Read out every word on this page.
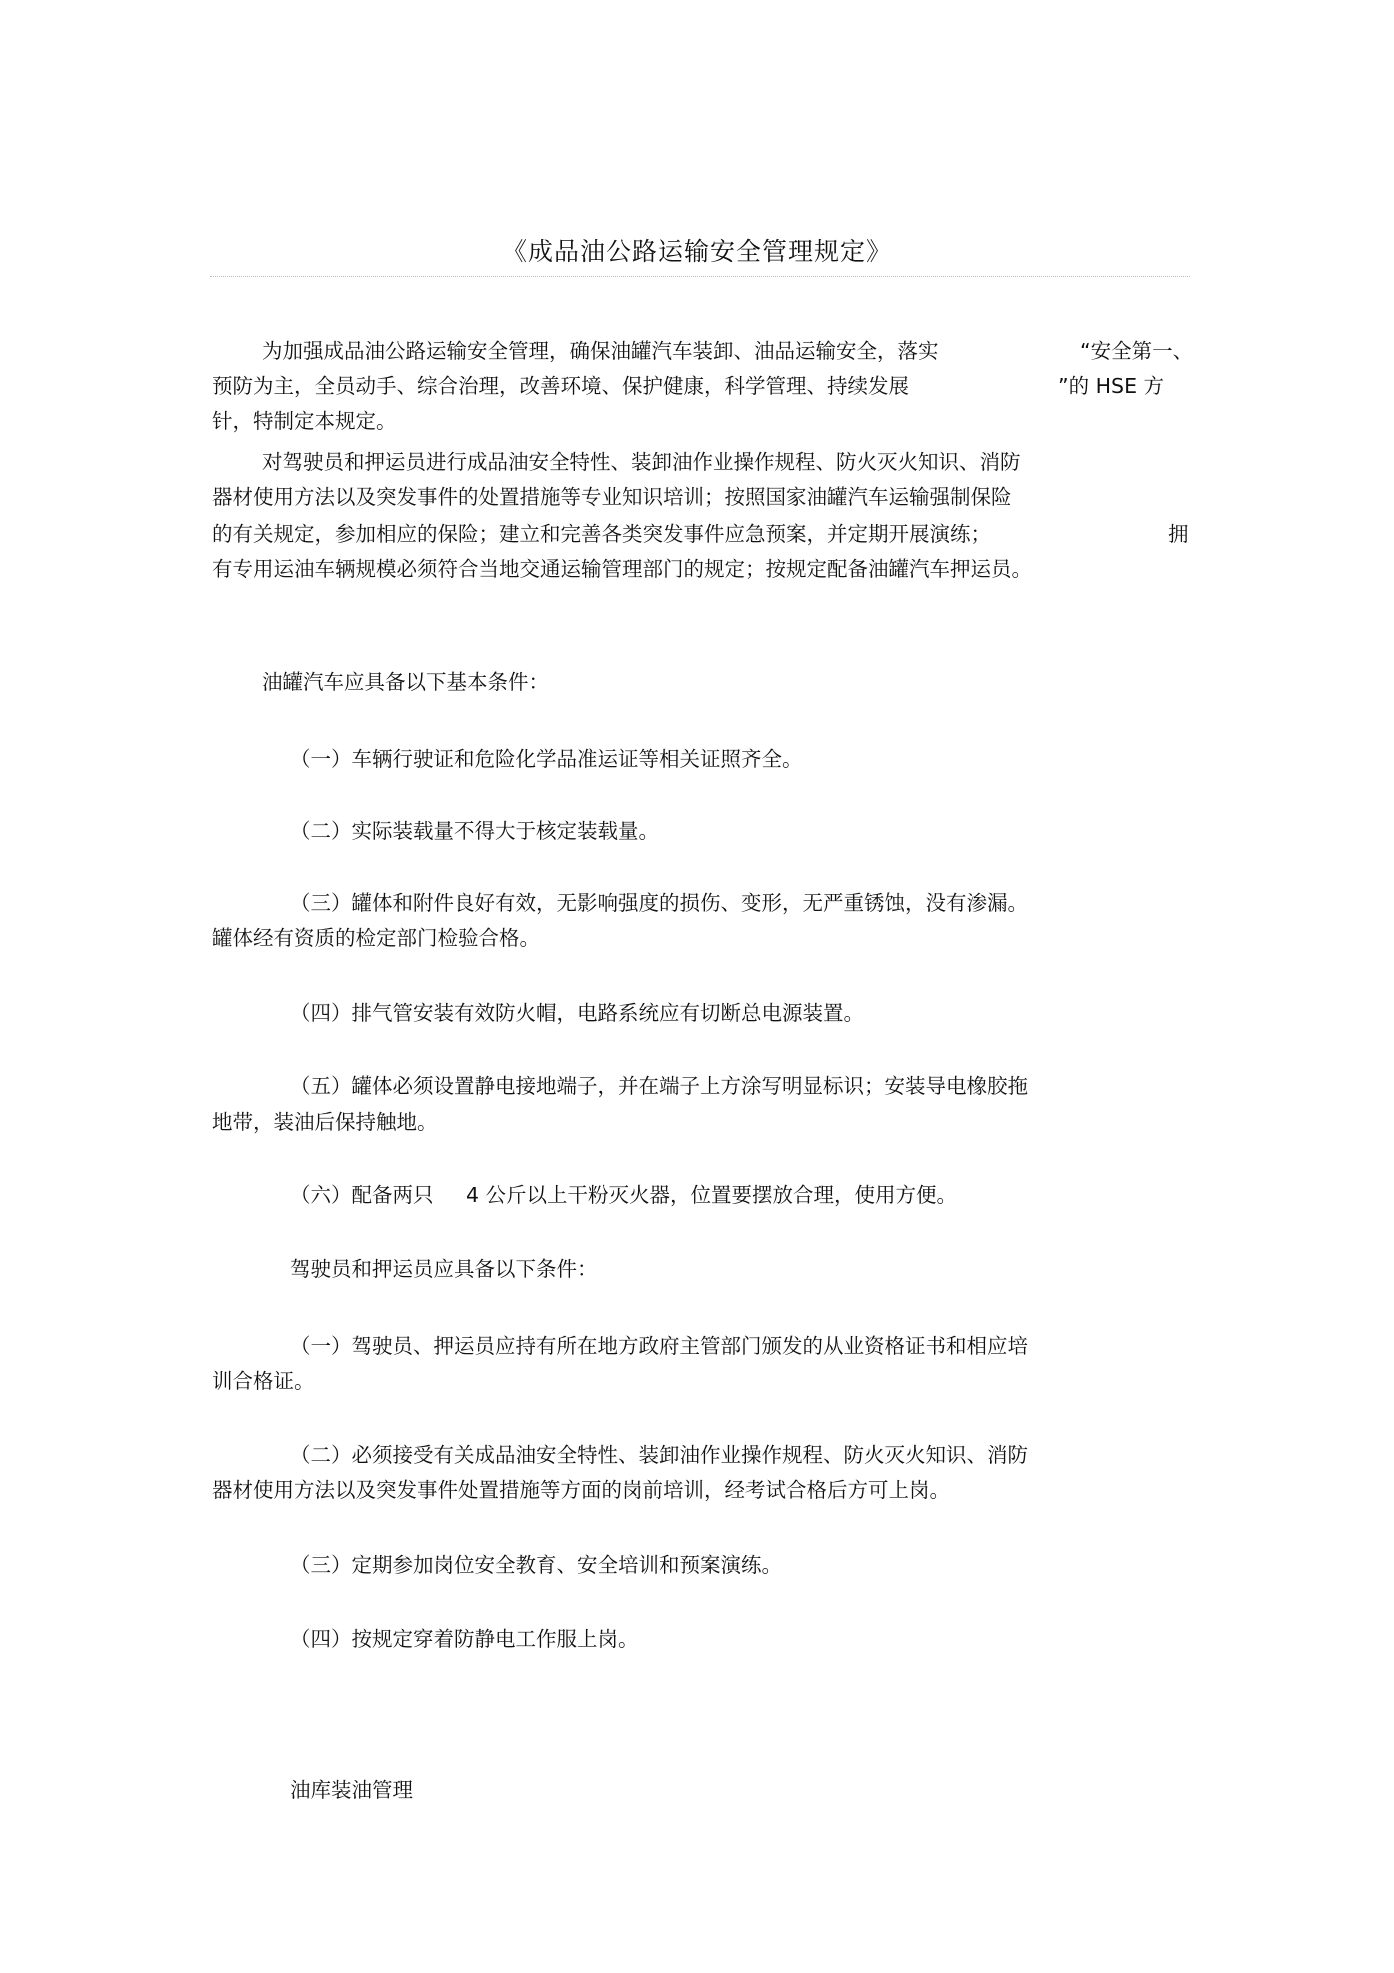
《成品油公路运输安全管理规定》

为加强成品油公路运输安全管理，确保油罐汽车装卸、油品运输安全，落实	“安全第一、

预防为主，全员动手、综合治理，改善环境、保护健康，科学管理、持续发展	”的 HSE 方

针，特制定本规定。

对驾驶员和押运员进行成品油安全特性、装卸油作业操作规程、防火灭火知识、消防

器材使用方法以及突发事件的处置措施等专业知识培训；按照国家油罐汽车运输强制保险

的有关规定，参加相应的保险；建立和完善各类突发事件应急预案，并定期开展演练；	拥

有专用运油车辆规模必须符合当地交通运输管理部门的规定；按规定配备油罐汽车押运员。

油罐汽车应具备以下基本条件：

（一）车辆行驶证和危险化学品准运证等相关证照齐全。

（二）实际装载量不得大于核定装载量。

（三）罐体和附件良好有效，无影响强度的损伤、变形，无严重锈蚀，没有渗漏。

罐体经有资质的检定部门检验合格。

（四）排气管安装有效防火帽，电路系统应有切断总电源装置。

（五）罐体必须设置静电接地端子，并在端子上方涂写明显标识；安装导电橡胶拖

地带，装油后保持触地。

（六）配备两只 4 公斤以上干粉灭火器，位置要摆放合理，使用方便。

驾驶员和押运员应具备以下条件：

（一）驾驶员、押运员应持有所在地方政府主管部门颁发的从业资格证书和相应培

训合格证。

（二）必须接受有关成品油安全特性、装卸油作业操作规程、防火灭火知识、消防

器材使用方法以及突发事件处置措施等方面的岗前培训，经考试合格后方可上岗。

（三）定期参加岗位安全教育、安全培训和预案演练。

（四）按规定穿着防静电工作服上岗。

油库装油管理
